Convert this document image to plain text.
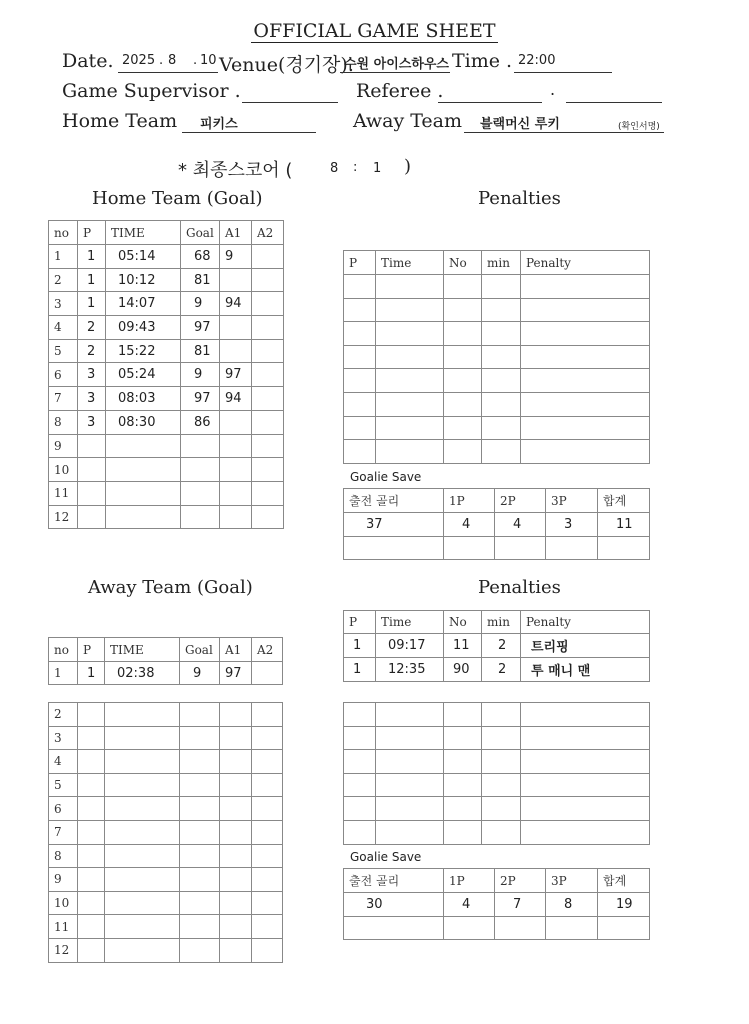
OFFICIAL GAME SHEET
Date. 2025 . 8 . 10 Venue(경기장).
수원 아이스하우스 Time . 22:00
Game Supervisor .	Referee .	.
Home Team 피키스	Away Team 블랙머신 루키	(확인서명)
* 최종스코어 (	8 : 1 )
Home Team (Goal)	Penalties
no	P	TIME	Goal	A1	A2
1	1	05:14	68	9	
2	1	10:12	81		
3	1	14:07	9	94	
4	2	09:43	97		
5	2	15:22	81		
6	3	05:24	9	97	
7	3	08:03	97	94	
8	3	08:30	86		
9					
10					
11					
12					
P	Time	No	min	Penalty

Goalie Save
출전 골리	1P	2P	3P	합계
37	4	4	3	11

Away Team (Goal)	Penalties
no	P	TIME	Goal	A1	A2
1	1	02:38	9	97	
2					
3					
4					
5					
6					
7					
8					
9					
10					
11					
12					
P	Time	No	min	Penalty
1	09:17	11	2	트리핑
1	12:35	90	2	투 매니 맨

Goalie Save
출전 골리	1P	2P	3P	합계
30	4	7	8	19
